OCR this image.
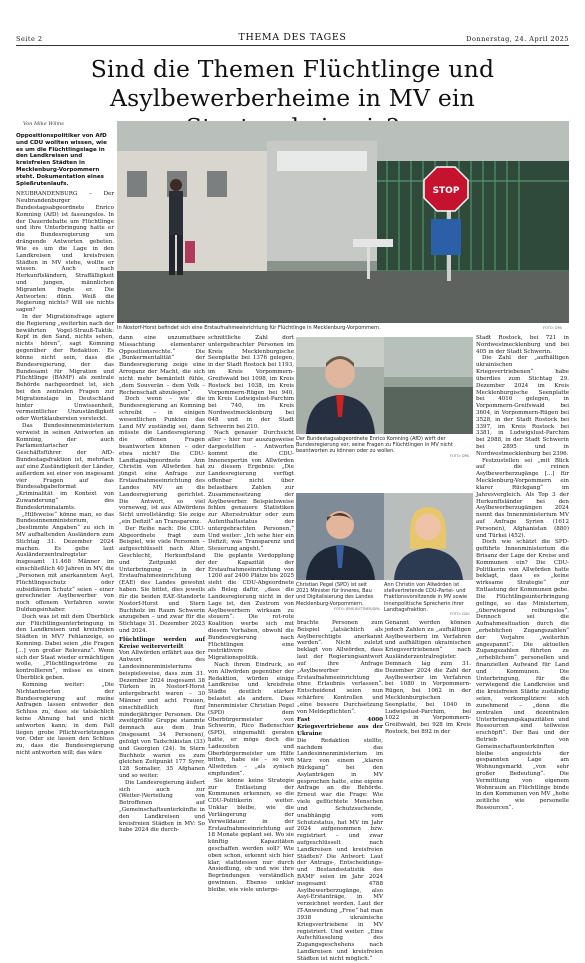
Seite 2	THEMA DES TAGES	Donnerstag, 24. April 2025
Sind die Themen Flüchtlinge und
Asylbewerberheime in MV ein
Von Mike Wilms
STOP
In Nostorf-Horst befindet sich eine Erstaufnahmeeinrichtung für Flüchtlinge in Mecklenburg-Vorpommern.	FOTO: DPA

Oppositionspolitiker von AfD und CDU wollten wissen, wie es um die Flüchtlingslage in den Landkreisen und kreisfreien Städten in Mecklenburg-Vorpommern steht. Dokumentation eines Spießrutenlaufs.

NEUBRANDENBURG – Der Neubrandenburger Bundestagsabgeordnete Enrico Komning (AfD) ist fassungslos. In der Dauerdebatte um Flüchtlinge und ihre Unterbringung hatte er die Bundesregierung um drängende Antworten gebeten. Wie es um die Lage in den Landkreisen und kreisfreien Städten in MV stehe, wollte er wissen. Auch nach Herkunftsländern, Straffälligkeit und jungen, männlichen Migranten fragte er. Die Antworten: dünn. Weiß die Regierung nichts? Will sie nichts sagen?

In der Migrationsfrage agiere die Regierung „weiterhin nach der bewährten Vogel-Strauß-Taktik: Kopf in den Sand, nichts sehen, nichts hören“, sagt Komning gegenüber der Redaktion. Es könne nicht sein, dass die Bundesregierung, der das Bundesamt für Migration und Flüchtlinge (BAMF) als zentrale Behörde nachgeordnet ist, sich bei den zentralen Fragen zur Migrationslage in Deutschland hinter Unwissenheit, vermeintlicher Unzuständigkeit oder Wortklaubereien versteckt.

Das Bundesinnenministerium verweist in seinen Antworten an Komning, der auch Parlamentarischer Geschäftsführer der AfD-Bundestagsfraktion ist, mehrfach auf eine Zuständigkeit der Länder, außerdem sei einer von insgesamt vier Fragen auf das Bundesabgabeformat „Kriminalität im Kontext von Zuwanderung“ des Bundeskriminalamts.

„Hilfsweise“ könne man, so das Bundesinnenministerium, „bestimmte Angaben“ zu sich in MV aufhaltenden Ausländern zum Stichtag 31. Dezember 2024 machen. Es gebe laut Ausländerzentralregister insgesamt 11.468 Männer im einschließlich 40 Jahren in MV, die „Personen mit anerkanntem Asyl, Flüchtlingsschutz oder subsidiärem Schutz“ seien – einer gerechneter Asylbewerber von noch offenem Verfahren sowie Duldungsinhaber.

Doch was ist mit dem Überblick zur Flüchtlingsunterbringung in den Landkreisen und kreisfreien Städten in MV? Fehlanzeige, so Komning. Dabei seien „die Fragen [...] von großer Relevanz“. Wenn sich der Staat wieder ermächtigen wolle, „Flüchtlingsströme zu kontrollieren“, müsse es einen Überblick geben.

Komning weiter: „Die Nichtantworten der Bundesregierung auf meine Anfragen lassen entweder den Schluss zu, dass sie tatsächlich keine Ahnung hat und nicht antworten kann; in dem Fall liegen grobe Pflichtverletzungen vor. Oder sie lassen den Schluss zu, dass die Bundesregierung nicht antworten will; das wäre

dann eine unzumutbare Missachtung elementarer Oppositionsrechte.“ Die „Bunkermentalität“ der Bundesregierung zeige eine Arroganz der Macht, die sich nicht mehr bemäntelt fühle, „dem Souverän – dem Volk – Rechenschaft abzulegen“.

Doch wenn – wie die Bundesregierung an Komning schreibt – in einigen wesentlichen Punkten das Land MV zuständig sei, dann müsste die Landesregierung die offenen Fragen beantworten können – oder etwa nicht? Die CDU-Landtagsabgeordnete Ann Christin von Allwörden hat jüngst eine Anfrage zur Erstaufnahmeeinrichtung des Landes MV an die Landesregierung gerichtet. Die Antwort, so viel vorneweg, ist aus Allwördens Sicht unvollständig: Sie zeige „ein Defizit“ an Transparenz.

Der Reihe nach: Die CDU-Abgeordnete fragt zum Beispiel, wie viele Personen – aufgeschlüsselt nach Alter, Geschlecht, Herkunftsland und Zeitpunkt der Unterbringung – in der Erstaufnahmeeinrichtung (EAE) des Landes gewohnt haben. Sie bittet, dies jeweils für die beiden EAE-Standorte Nostorf-Horst und Stern Buchholz im Raum Schwerin anzugeben – und zwar für die Stichtage 31. Dezember 2023 und 2024.

Flüchtlinge werden auf Kreise weiterverteilt

Von Allwörden erfährt aus der Antwort des Landesinnenministeriums beispielsweise, dass zum 31. Dezember 2024 insgesamt 38 Türken in Nostorf-Horst untergebracht waren – 30 Männer und acht Frauen, einschließlich fünf minderjähriger Personen. Die zweitgrößte Gruppe stammte demnach aus dem Iran (insgesamt 34 Personen), gefolgt von Tadschikistan (33) und Georgien (24). In Stern Buchholz waren es zum gleichen Zeitpunkt 177 Syrer, 128 Somalier, 35 Afghanen und so weiter.

Die Landesregierung äußert sich auch zur (Weiter-)Verteilung von Betroffenen auf „Gemeinschaftsunterkünfte in den Landkreisen und kreisfreien Städten in MV: So habe 2024 die durch-

schnittliche Zahl dort untergebrachter Personen im Kreis Mecklenburgische Seenplatte bei 1376 gelegen, in der Stadt Rostock bei 1193, im Kreis Vorpommern-Greifswald bei 1098, im Kreis Rostock bei 1038, im Kreis Vorpommern-Rügen bei 940, im Kreis Ludwigslust-Parchim bei 740, im Kreis Nordwestmecklenburg bei 648 und in der Stadt Schwerin bei 210.

Nach genauer Durchsicht aller – hier nur auszugsweise dargestellten – Antworten kommt die CDU-Innenexpertin von Allwörden zu diesem Ergebnis: „Die Landesregierung verfügt offenbar nicht über belastbare Zahlen zur Zusammensetzung der Asylbewerber. Beispielsweise fehlen genauere Statistiken zur Altersstruktur oder zum Aufenthaltsstatus der untergebrachten Personen.“ Und weiter: „Ich sehe hier ein Defizit, was Transparenz und Steuerung angeht.“

Die geplante Verdopplung der Kapazität der Erstaufnahmeeinrichtung von 1200 auf 2400 Plätze bis 2025 sieht die CDU-Abgeordnete als Beleg dafür, „dass die Landesregierung nicht in der Lage ist, den Zustrom von Asylbewerbern wirksam zu steuern“. Die rot-rote Koalition werbe sich mit diesem Vorhaben, obwohl die Bundesregierung nach Flüchtlingen eine restriktivere Migrationspolitik.

Nach ihrem Eindruck, so von Allwörden gegenüber der Redaktion, würden einige Landkreise und kreisfreie Städte deutlich stärker belastet als andere. Dass Innenminister Christian Pegel (SPD) dem Oberbürgermeister von Schwerin, Rico Badenschier (SPD), eingemahlt geraten hatte, er möge doch die Ladezeiten und Oberbürgermeister um Hilfe bitten, habe sie – so von Allwörden – „als zynisch empfunden“.

Sie könne keine Strategie zur Entlastung der Kommunen erkennen, so die CDU-Politikerin weiter. Unklar bleibe, wie die Verlängerung der Verweildauer in der Erstaufnahmeeinrichtung auf 18 Monate geplant sei. Wo sie künftig Kapazitäten geschaffen werden soll? Wie oben schon, erkennt sich hier klar, stattdessen nur durch Ansiedlung, ob und wie ihre Begründungen verständlich gewinnen. Ebenso unklar bleibe, wie viele unterge-

Der Bundestagsabgeordnete Enrico Komning (AfD) wirft der Bundesregierung vor, seine Fragen zu Flüchtlingen in MV nicht beantworten zu können oder zu wollen.
FOTO: DPA
Christian Pegel (SPD) ist seit 2021 Minister für Inneres, Bau und Digitalisierung des Landes Mecklenburg-Vorpommern.
FOTO: JENS BÜTTNER/DPA
Ann Christin von Allwörden ist stellvertretende CDU-Partei- und Fraktionsvorsitzende in MV sowie innenpolitische Sprecherin ihrer Landtagsfraktion.
FOTO: CDU

brachte Personen zum Beispiel „tatsächlich als Asylberechtigte anerkannt werden“. Nicht zuletzt beklagt von Allwörden, dass laut der Regierungsantwort auf ihre Anfrage „Asylbewerber die Erstaufnahmeeinrichtung ohne Erlaubnis verlassen“. Entscheidend seien nun schärfere Kontrollen und „eine bessere Durchsetzung von Meldepflichten“.

Fast 4000 Kriegsvertriebene aus der Ukraine

Die Redaktion stellte, nachdem das Landesinnenministerium im März von einem „klaren Rückgang“ bei den Asylanträgen in MV gesprochen hatte, eine eigene Anfrage an die Behörde. Erneut war die Frage: Wie viele geflüchtete Menschen und Schutzsuchende, unabhängig vom Schutzstatus, hat MV im Jahr 2024 aufgenommen bzw. registriert – und zwar aufgeschlüsselt nach Landkreisen und kreisfreien Städten? Die Antwort: Laut der Antrags-, Entscheidungs- und Bestandsstatistik des BAMF seien im Jahr 2024 insgesamt 4788 Asylbewerberzugänge, also Asyl-Erstanträge, in MV verzeichnet worden. Laut der IT-Anwendung „Free“ hat man 3938 ukrainische Kriegsvertriebene in MV registriert. Und weiter: „Eine Aufschlüsselung des Zugangsgeschehens nach Landkreisen und kreisfreien Städten ist nicht möglich.“

Genannt werden können jedoch Zahlen zu „aufhältigen Asylbewerbern im Verfahren und aufhältigen ukrainischen Kriegsvertriebenen“ nach Ausländerzentralregister. Demnach lag zum 31. Dezember 2024 die Zahl der Asylbewerber im Verfahren bei 1080 in Vorpommern-Rügen, bei 1062 in der Mecklenburgischen Seenplatte, bei 1040 in Ludwigslust-Parchim, bei 1022 in Vorpommern-Greifswald, bei 928 im Kreis Rostock, bei 892 in der

Stadt Rostock, bei 721 in Nordwestmecklenburg und bei 405 in der Stadt Schwerin.

Die Zahl der „aufhältigen ukrainischen Kriegsvertriebenen“ habe überdies zum Stichtag 29. Dezember 2024 im Kreis Mecklenburgische Seenplatte bei 4016 gelegen, in Vorpommern-Greifswald bei 3604, in Vorpommern-Rügen bei 3528, in der Stadt Rostock bei 3397, im Kreis Rostock bei 3381, in Ludwigslust-Parchim bei 2988, in der Stadt Schwerin bei 2895 und in Nordwestmecklenburg bei 2396.

Festzustellen sei „mit Blick auf die reinen Asylbewerberzugänge [...] für Mecklenburg-Vorpommern ein klarer Rückgang“ im Jahresvergleich. Als Top 3 der Herkunftsländer bei den Asylbewerberzugängen 2024 nennt das Innenministerium MV auf Anfrage Syrien (1612 Personen), Afghanistan (880) und Türkei (452).

Doch wie schätzt die SPD-geführte Innenministerium die Brisanz der Lage der Kreise und Kommunen ein? Die CDU-Politikerin von Allwörden hatte beklagt, dass es „keine wirksame Strategie“ zur Entlastung der Kommunen gebe. Die Flüchtlingsunterbringung gelinge, so das Ministerium, „überwiegend reibungslos“. Dennoch sei die Aufnahmesituation durch die „erheblichen Zugangszahlen“ der Vorjahre „weiterhin angespannt“. Die aktuellen Zugangszahlen führten zu „erheblichem“ personellen und finanziellen Aufwand für Land und Kommunen. Die Unterbringung, für die verwiegend die Landkreise und die kreisfreien Städte zuständig seien, verkompliziere sich zunehmend – „denn die zentralen und dezentralen Unterbringungskapazitäten und Ressourcen sind teilweise erschöpft“. Der Bau und der Betrieb von Gemeinschaftsunterkünften bleibe angesichts der gespannten Lage am Wohnungsmarkt „von sehr großer Bedeutung“. Die Vermittlung von eigenem Wohnraum an Flüchtlinge binde in den Kommunen von MV „hohe zeitliche wie personelle Ressourcen“.
